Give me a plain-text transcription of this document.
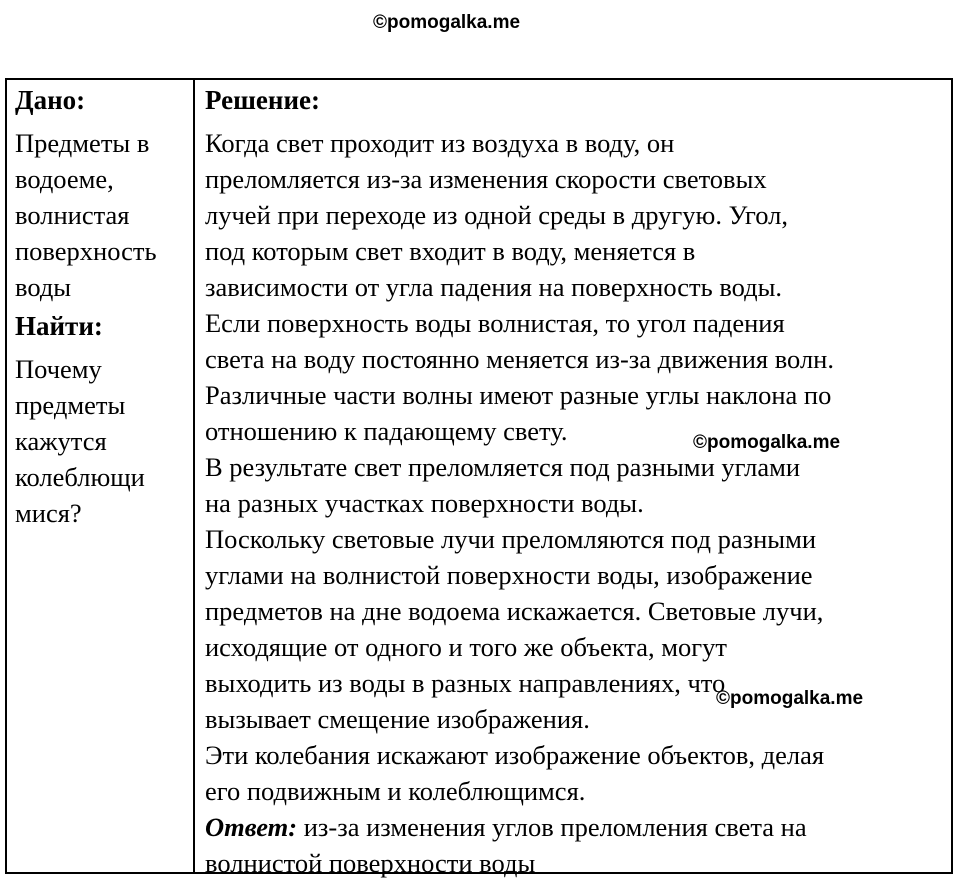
©pomogalka.me

Дано:

Предметы в
водоеме,
волнистая
поверхность
воды

Найти:

Почему
предметы
кажутся
колеблющи
мися?

Решение:

Когда свет проходит из воздуха в воду, он
преломляется из-за изменения скорости световых
лучей при переходе из одной среды в другую. Угол,
под которым свет входит в воду, меняется в
зависимости от угла падения на поверхность воды.
Если поверхность воды волнистая, то угол падения
света на воду постоянно меняется из-за движения волн.
Различные части волны имеют разные углы наклона по
отношению к падающему свету.
В результате свет преломляется под разными углами
на разных участках поверхности воды.
Поскольку световые лучи преломляются под разными
углами на волнистой поверхности воды, изображение
предметов на дне водоема искажается. Световые лучи,
исходящие от одного и того же объекта, могут
выходить из воды в разных направлениях, что
вызывает смещение изображения.
Эти колебания искажают изображение объектов, делая
его подвижным и колеблющимся.
Ответ: из-за изменения углов преломления света на
волнистой поверхности воды

©pomogalka.me
©pomogalka.me
